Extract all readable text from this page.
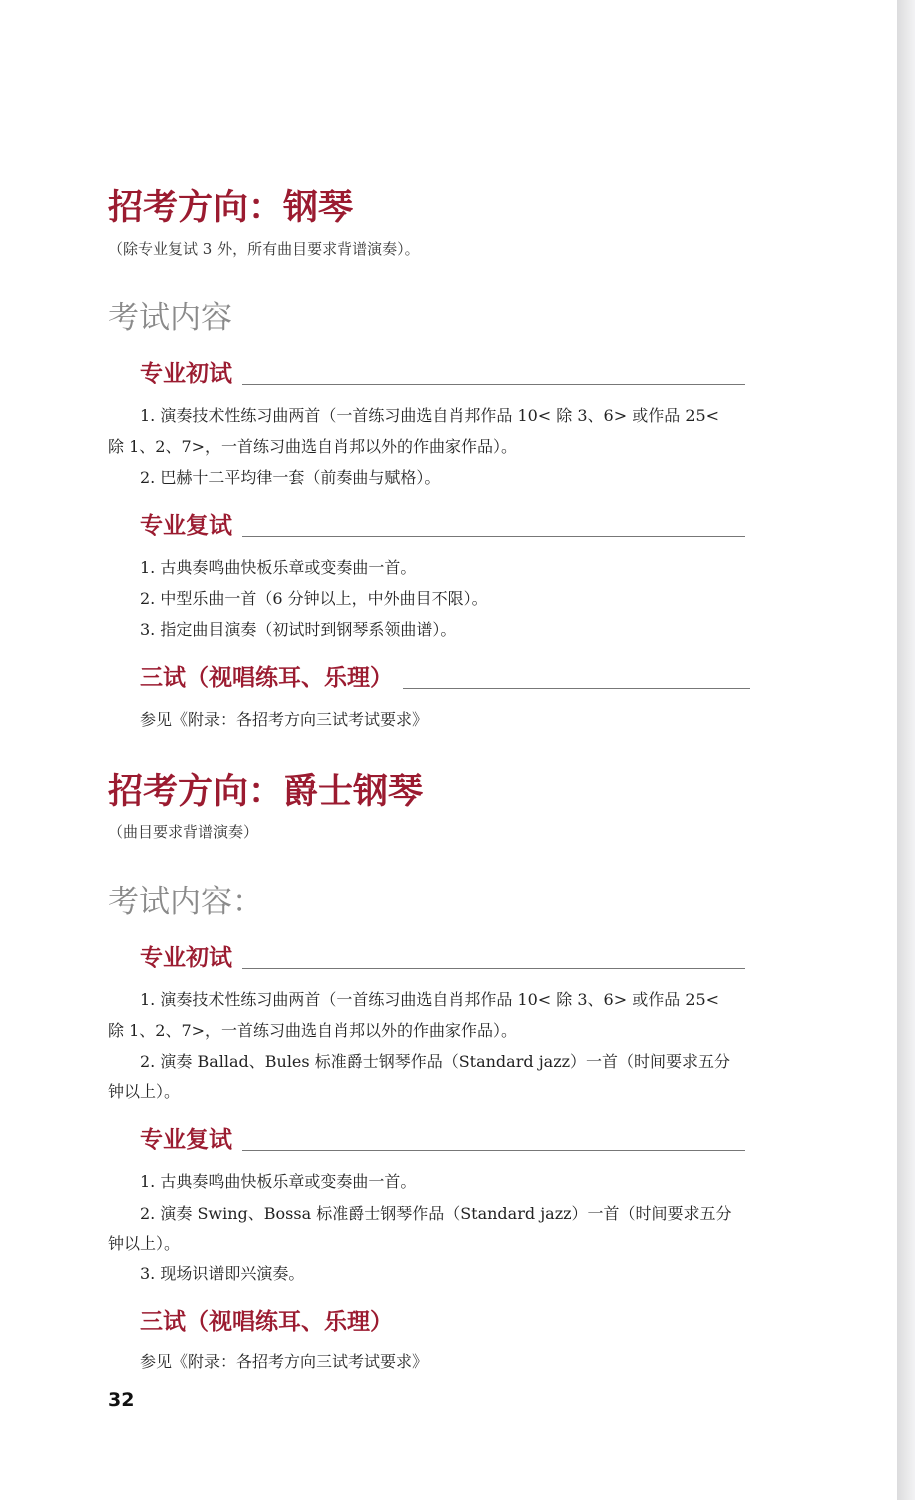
招考方向：钢琴
（除专业复试 3 外，所有曲目要求背谱演奏）。
考试内容
专业初试
1. 演奏技术性练习曲两首（一首练习曲选自肖邦作品 10< 除 3、6> 或作品 25<
除 1、2、7>，一首练习曲选自肖邦以外的作曲家作品）。
2. 巴赫十二平均律一套（前奏曲与赋格）。
专业复试
1. 古典奏鸣曲快板乐章或变奏曲一首。
2. 中型乐曲一首（6 分钟以上，中外曲目不限）。
3. 指定曲目演奏（初试时到钢琴系领曲谱）。
三试（视唱练耳、乐理）
参见《附录：各招考方向三试考试要求》
招考方向：爵士钢琴
（曲目要求背谱演奏）
考试内容：
专业初试
1. 演奏技术性练习曲两首（一首练习曲选自肖邦作品 10< 除 3、6> 或作品 25<
除 1、2、7>，一首练习曲选自肖邦以外的作曲家作品）。
2. 演奏 Ballad、Bules 标准爵士钢琴作品（Standard jazz）一首（时间要求五分
钟以上）。
专业复试
1. 古典奏鸣曲快板乐章或变奏曲一首。
2. 演奏 Swing、Bossa 标准爵士钢琴作品（Standard jazz）一首（时间要求五分
钟以上）。
3. 现场识谱即兴演奏。
三试（视唱练耳、乐理）
参见《附录：各招考方向三试考试要求》
32
